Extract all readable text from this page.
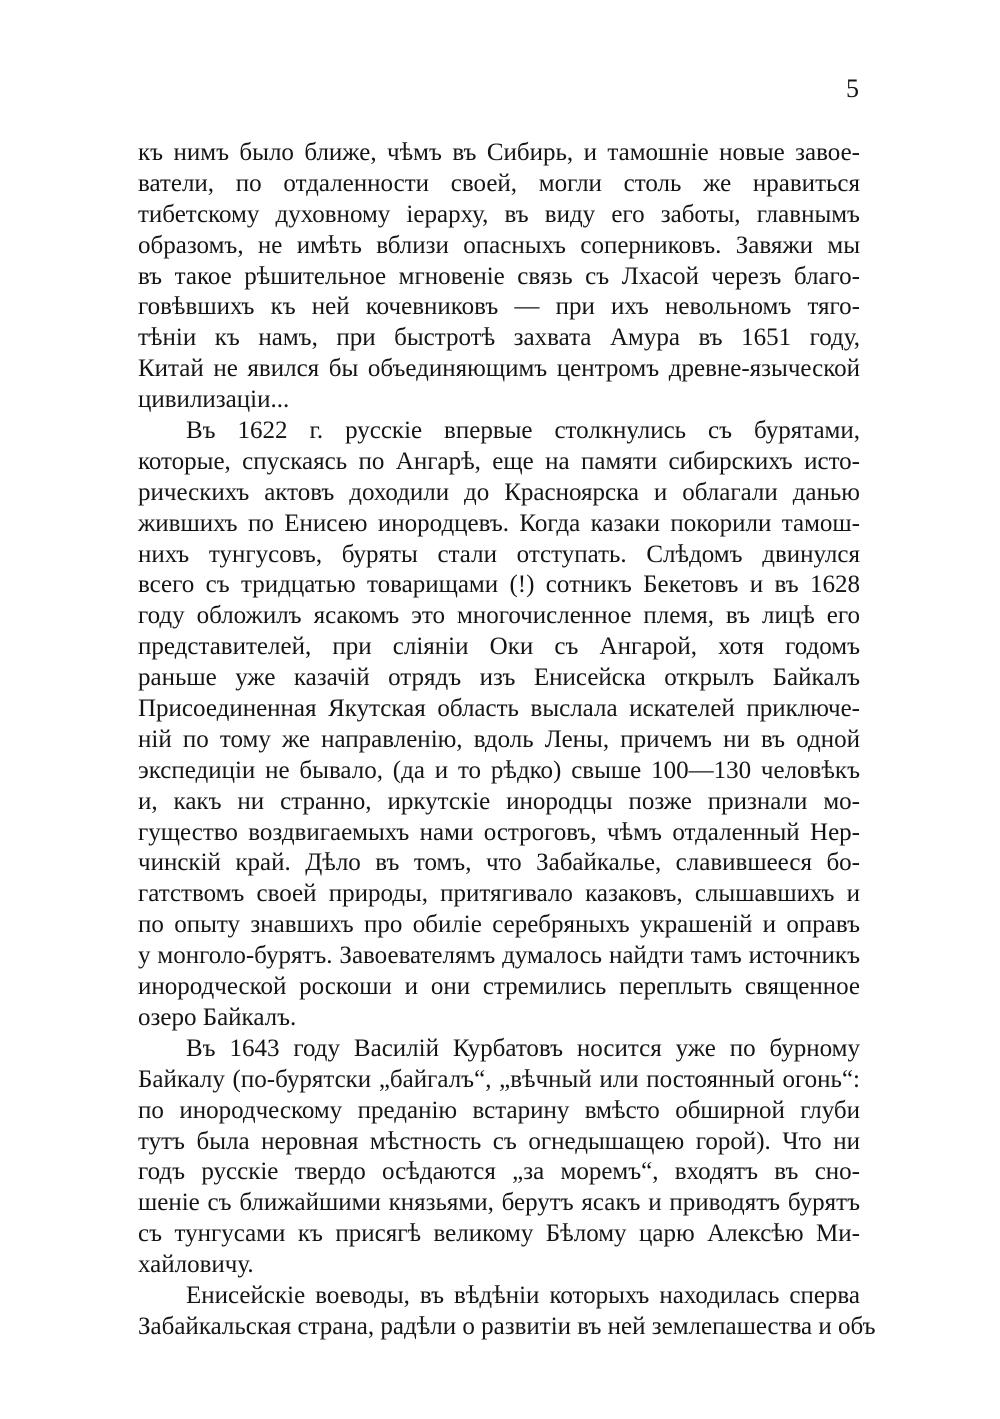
5
къ нимъ было ближе, чѣмъ въ Сибирь, и тамошніе новые завое-
ватели, по отдаленности своей, могли столь же нравиться
тибетскому духовному іерарху, въ виду его заботы, главнымъ
образомъ, не имѣть вблизи опасныхъ соперниковъ. Завяжи мы
въ такое рѣшительное мгновеніе связь съ Лхасой черезъ благо-
говѣвшихъ къ ней кочевниковъ — при ихъ невольномъ тяго-
тѣніи къ намъ, при быстротѣ захвата Амура въ 1651 году,
Китай не явился бы объединяющимъ центромъ древне-языческой
цивилизаціи...
Въ 1622 г. русскіе впервые столкнулись съ бурятами,
которые, спускаясь по Ангарѣ, еще на памяти сибирскихъ исто-
рическихъ актовъ доходили до Красноярска и облагали данью
жившихъ по Енисею инородцевъ. Когда казаки покорили тамош-
нихъ тунгусовъ, буряты стали отступать. Слѣдомъ двинулся
всего съ тридцатью товарищами (!) сотникъ Бекетовъ и въ 1628
году обложилъ ясакомъ это многочисленное племя, въ лицѣ его
представителей, при сліяніи Оки съ Ангарой, хотя годомъ
раньше уже казачій отрядъ изъ Енисейска открылъ Байкалъ
Присоединенная Якутская область выслала искателей приключе-
ній по тому же направленію, вдоль Лены, причемъ ни въ одной
экспедиціи не бывало, (да и то рѣдко) свыше 100—130 человѣкъ
и, какъ ни странно, иркутскіе инородцы позже признали мо-
гущество воздвигаемыхъ нами остроговъ, чѣмъ отдаленный Нер-
чинскій край. Дѣло въ томъ, что Забайкалье, славившееся бо-
гатствомъ своей природы, притягивало казаковъ, слышавшихъ и
по опыту знавшихъ про обиліе серебряныхъ украшеній и оправъ
у монголо-бурятъ. Завоевателямъ думалось найдти тамъ источникъ
инородческой роскоши и они стремились переплыть священное
озеро Байкалъ.
Въ 1643 году Василій Курбатовъ носится уже по бурному
Байкалу (по-бурятски „байгалъ“, „вѣчный или постоянный огонь“:
по инородческому преданію встарину вмѣсто обширной глуби
тутъ была неровная мѣстность съ огнедышащею горой). Что ни
годъ русскіе твердо осѣдаются „за моремъ“, входятъ въ сно-
шеніе съ ближайшими князьями, берутъ ясакъ и приводятъ бурятъ
съ тунгусами къ присягѣ великому Бѣлому царю Алексѣю Ми-
хайловичу.
Енисейскіе воеводы, въ вѣдѣніи которыхъ находилась сперва
Забайкальская страна, радѣли о развитіи въ ней землепашества и объ
